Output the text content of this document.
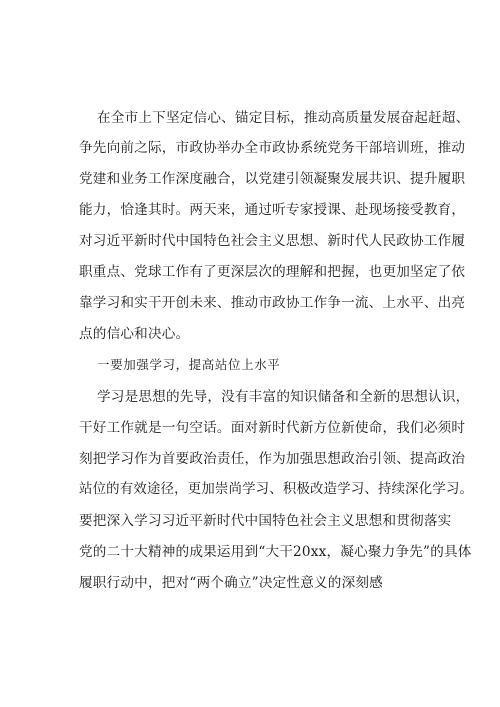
在全市上下坚定信心、锚定目标，推动高质量发展奋起赶超、
争先向前之际，市政协举办全市政协系统党务干部培训班，推动
党建和业务工作深度融合，以党建引领凝聚发展共识、提升履职
能力，恰逢其时。两天来，通过听专家授课、赴现场接受教育，
对习近平新时代中国特色社会主义思想、新时代人民政协工作履
职重点、党球工作有了更深层次的理解和把握，也更加坚定了依
靠学习和实干开创未来、推动市政协工作争一流、上水平、出亮
点的信心和决心。
一要加强学习，提高站位上水平
学习是思想的先导，没有丰富的知识储备和全新的思想认识，
干好工作就是一句空话。面对新时代新方位新使命，我们必须时
刻把学习作为首要政治责任，作为加强思想政治引领、提高政治
站位的有效途径，更加崇尚学习、积极改造学习、持续深化学习。
要把深入学习习近平新时代中国特色社会主义思想和贯彻落实
党的二十大精神的成果运用到“大干20xx，凝心聚力争先”的具体
履职行动中，把对“两个确立”决定性意义的深刻感
